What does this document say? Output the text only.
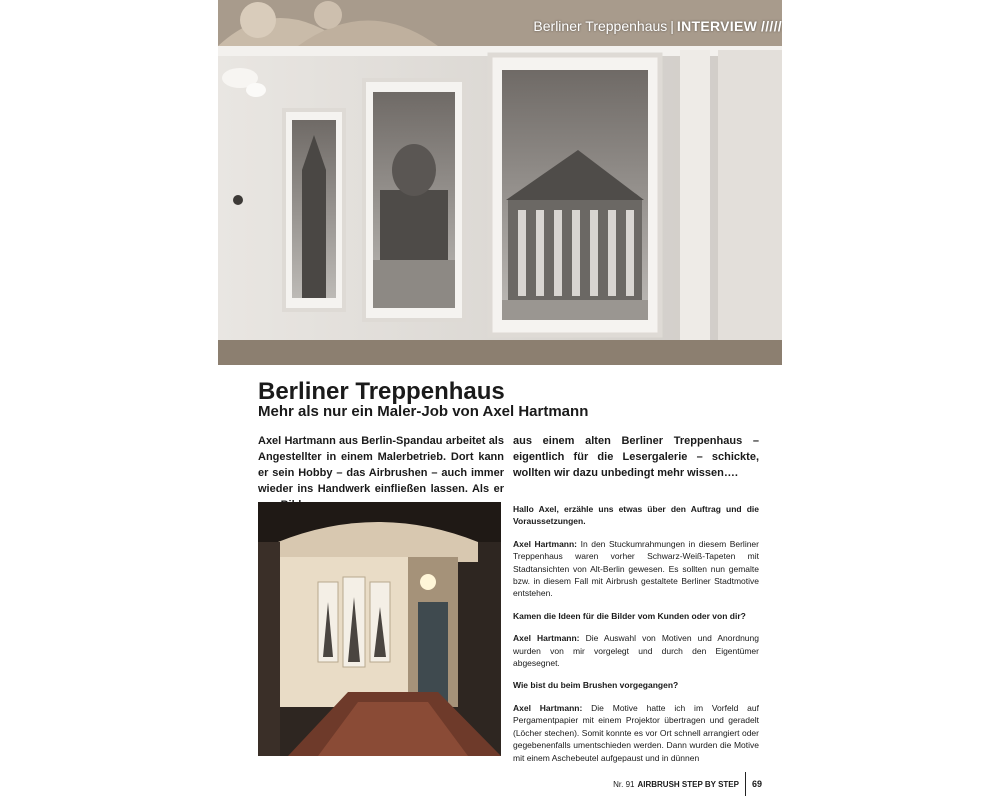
Berliner Treppenhaus | INTERVIEW /////
Berliner Treppenhaus
Mehr als nur ein Maler-Job von Axel Hartmann

Axel Hartmann aus Berlin-Spandau arbeitet als Angestellter in einem Malerbetrieb. Dort kann er sein Hobby – das Airbrushen – auch immer wieder ins Handwerk einfließen lassen. Als er

aus einem alten Berliner Treppenhaus – eigentlich für die Lesergalerie – schickte, wollten wir dazu unbedingt mehr wissen….

Hallo Axel, erzähle uns etwas über den Auftrag und die Voraussetzungen.

Axel Hartmann: In den Stuckumrahmungen in diesem Berliner Treppenhaus waren vorher Schwarz-Weiß-Tapeten mit Stadtansichten von Alt-Berlin gewesen. Es sollten nun gemalte bzw. in diesem Fall mit Airbrush gestaltete Berliner Stadtmotive entstehen.

Kamen die Ideen für die Bilder vom Kunden oder von dir?

Axel Hartmann: Die Auswahl von Motiven und Anordnung wurden von mir vorgelegt und durch den Eigentümer abgesegnet.

Wie bist du beim Brushen vorgegangen?

Axel Hartmann: Die Motive hatte ich im Vorfeld auf Pergamentpapier mit einem Projektor übertragen und geradelt (Löcher stechen). Somit konnte es vor Ort schnell arrangiert oder gegebenenfalls umentschieden werden. Dann wurden die Motive mit einem Aschebeutel aufgepaust und in dünnen

Nr. 91 AIRBRUSH STEP BY STEP 69
